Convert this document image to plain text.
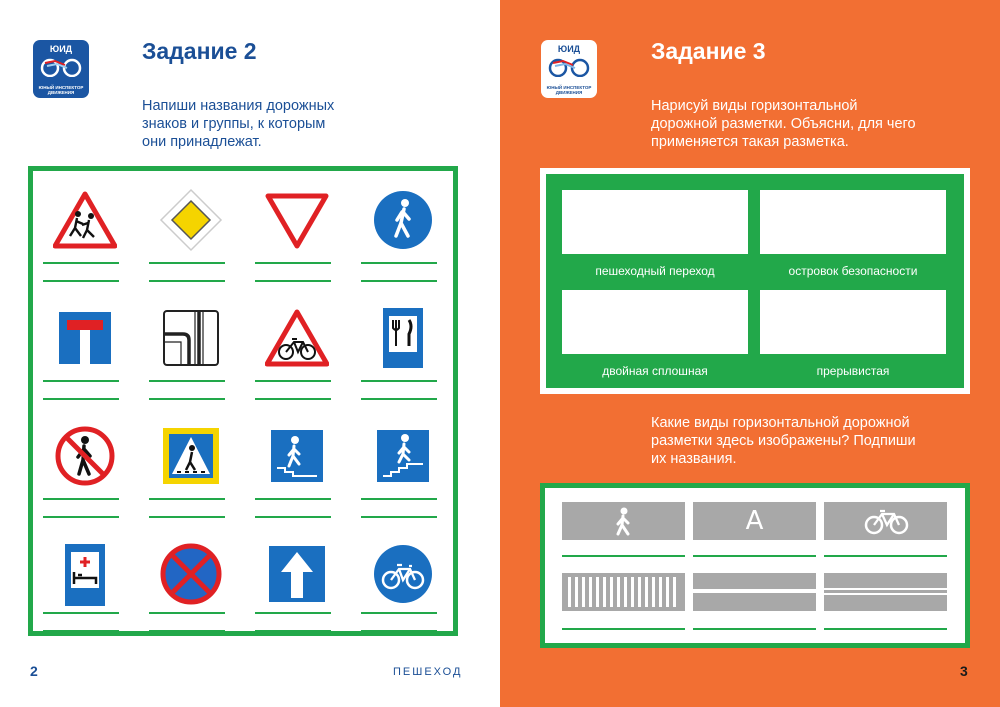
ЮИД
ЮНЫЙ ИНСПЕКТОР ДВИЖЕНИЯ
Задание 2
Напиши названия дорожных
знаков и группы, к которым
они принадлежат.
2	ПЕШЕХОД
ЮИД
ЮНЫЙ ИНСПЕКТОР ДВИЖЕНИЯ
Задание 3
Нарисуй виды горизонтальной
дорожной разметки. Объясни, для чего
применяется такая разметка.
пешеходный переход	островок безопасности
двойная сплошная	прерывистая
Какие виды горизонтальной дорожной
разметки здесь изображены? Подпиши
их названия.
A
3
